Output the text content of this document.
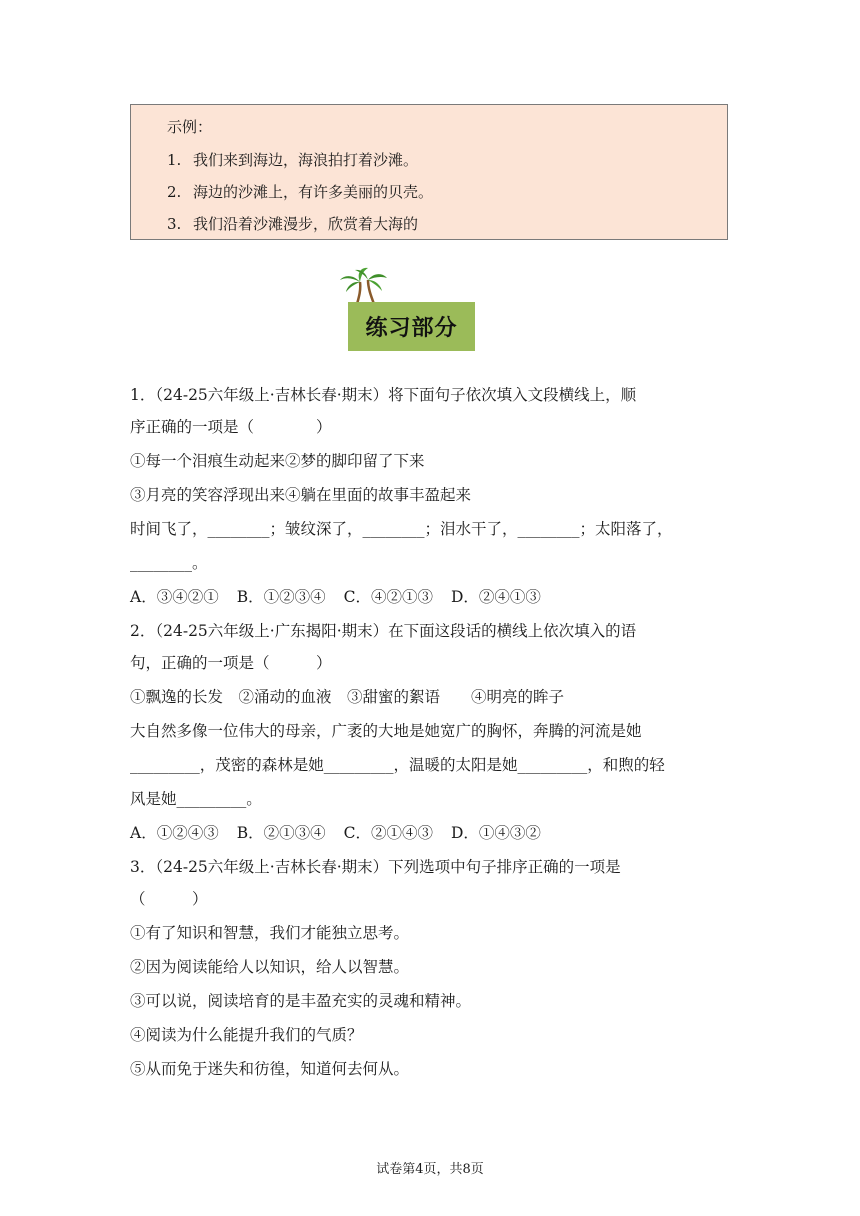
示例：
1. 我们来到海边，海浪拍打着沙滩。
2. 海边的沙滩上，有许多美丽的贝壳。
3. 我们沿着沙滩漫步，欣赏着大海的
练习部分
1．（24-25六年级上·吉林长春·期末）将下面句子依次填入文段横线上，顺
序正确的一项是（　　　　）
①每一个泪痕生动起来②梦的脚印留了下来
③月亮的笑容浮现出来④躺在里面的故事丰盈起来
时间飞了，________；皱纹深了，________；泪水干了，________；太阳落了，
________。
A．③④②① B．①②③④ C．④②①③ D．②④①③
2．（24-25六年级上·广东揭阳·期末）在下面这段话的横线上依次填入的语
句，正确的一项是（　　　）
①飘逸的长发　②涌动的血液　③甜蜜的絮语　　④明亮的眸子
大自然多像一位伟大的母亲，广袤的大地是她宽广的胸怀，奔腾的河流是她
_________，茂密的森林是她_________，温暖的太阳是她_________，和煦的轻
风是她_________。
A．①②④③ B．②①③④ C．②①④③ D．①④③②
3．（24-25六年级上·吉林长春·期末）下列选项中句子排序正确的一项是
（　　　）
①有了知识和智慧，我们才能独立思考。
②因为阅读能给人以知识，给人以智慧。
③可以说，阅读培育的是丰盈充实的灵魂和精神。
④阅读为什么能提升我们的气质？
⑤从而免于迷失和彷徨，知道何去何从。
试卷第4页，共8页
